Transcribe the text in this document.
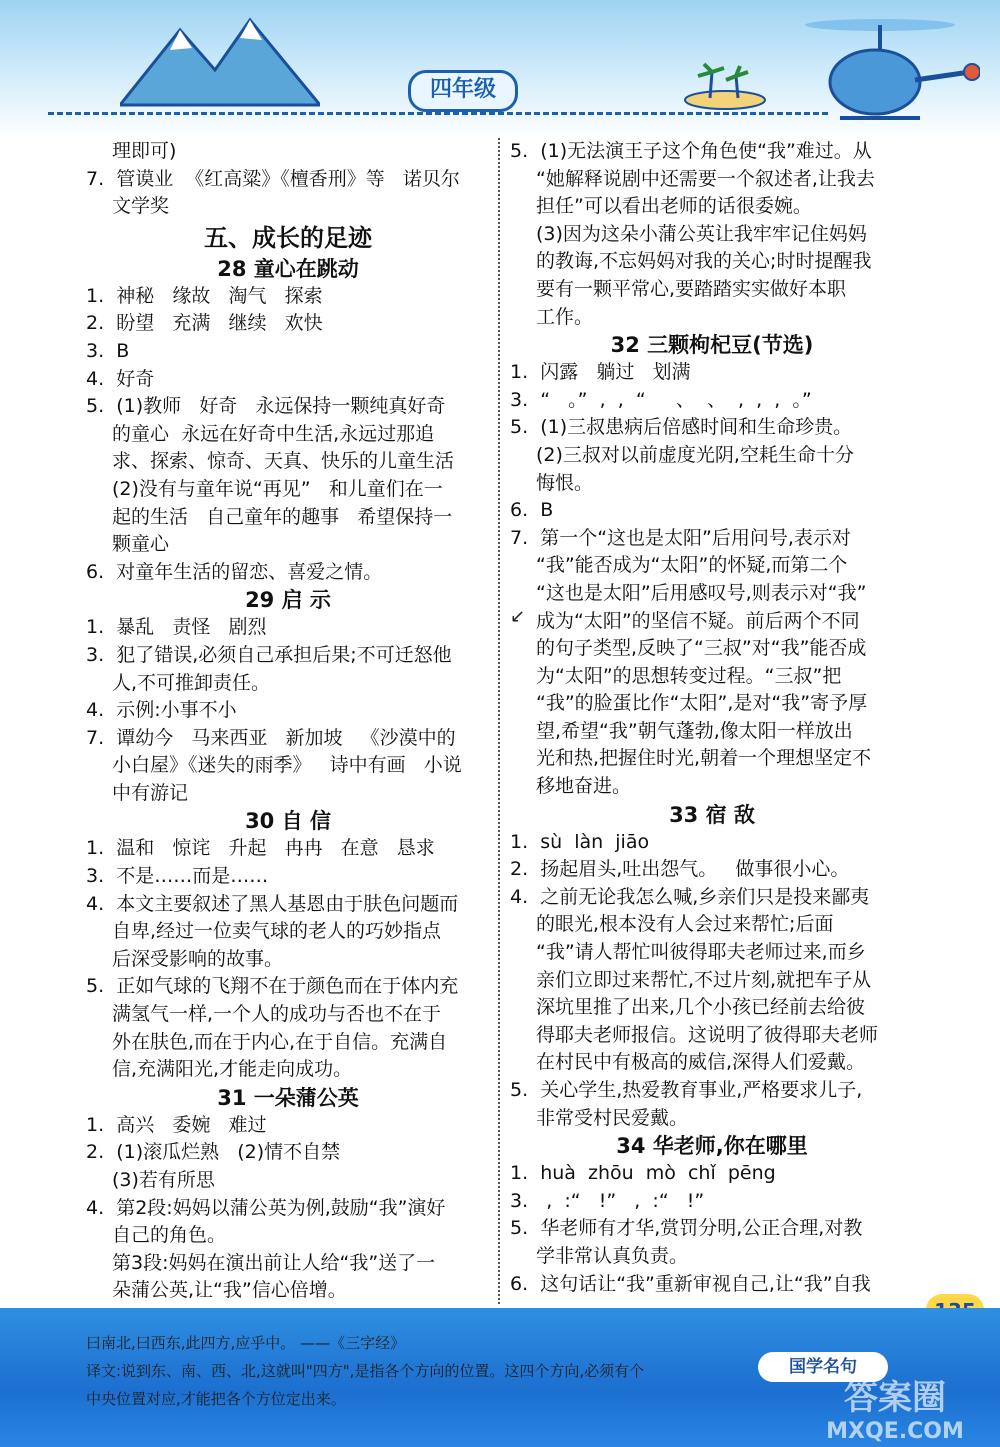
四年级
理即可)
7.  管谟业  《红高粱》《檀香刑》等   诺贝尔
文学奖
五、成长的足迹
28 童心在跳动
1.  神秘   缘故   淘气   探索
2.  盼望   充满   继续   欢快
3.  B
4.  好奇
5.  (1)教师   好奇   永远保持一颗纯真好奇
的童心  永远在好奇中生活,永远过那追
求、探索、惊奇、天真、快乐的儿童生活
(2)没有与童年说“再见”   和儿童们在一
起的生活   自己童年的趣事   希望保持一
颗童心
6.  对童年生活的留恋、喜爱之情。
29 启 示
1.  暴乱   责怪   剧烈
3.  犯了错误,必须自己承担后果;不可迁怒他
人,不可推卸责任。
4.  示例:小事不小
7.  谭幼今   马来西亚   新加坡   《沙漠中的
小白屋》《迷失的雨季》   诗中有画   小说
中有游记
30 自 信
1.  温和   惊诧   升起   冉冉   在意   恳求
3.  不是……而是……
4.  本文主要叙述了黑人基恩由于肤色问题而
自卑,经过一位卖气球的老人的巧妙指点
后深受影响的故事。
5.  正如气球的飞翔不在于颜色而在于体内充
满氢气一样,一个人的成功与否也不在于
外在肤色,而在于内心,在于自信。充满自
信,充满阳光,才能走向成功。
31 一朵蒲公英
1.  高兴   委婉   难过
2.  (1)滚瓜烂熟   (2)情不自禁
(3)若有所思
4.  第2段:妈妈以蒲公英为例,鼓励“我”演好
自己的角色。
第3段:妈妈在演出前让人给“我”送了一
朵蒲公英,让“我”信心倍增。
5.  (1)无法演王子这个角色使“我”难过。从
“她解释说剧中还需要一个叙述者,让我去
担任”可以看出老师的话很委婉。
(3)因为这朵小蒲公英让我牢牢记住妈妈
的教诲,不忘妈妈对我的关心;时时提醒我
要有一颗平常心,要踏踏实实做好本职
工作。
32 三颗枸杞豆(节选)
1.  闪露   躺过   划满
3.  “   。”  ,  ,  “     、  、  ,  ,  ,  。”
5.  (1)三叔患病后倍感时间和生命珍贵。
(2)三叔对以前虚度光阴,空耗生命十分
悔恨。
6.  B
7.  第一个“这也是太阳”后用问号,表示对
“我”能否成为“太阳”的怀疑,而第二个
“这也是太阳”后用感叹号,则表示对“我”
成为“太阳”的坚信不疑。前后两个不同
的句子类型,反映了“三叔”对“我”能否成
为“太阳”的思想转变过程。“三叔”把
“我”的脸蛋比作“太阳”,是对“我”寄予厚
望,希望“我”朝气蓬勃,像太阳一样放出
光和热,把握住时光,朝着一个理想坚定不
移地奋进。
33 宿 敌
1.  sù  làn  jiāo
2.  扬起眉头,吐出怨气。   做事很小心。
4.  之前无论我怎么喊,乡亲们只是投来鄙夷
的眼光,根本没有人会过来帮忙;后面
“我”请人帮忙叫彼得耶夫老师过来,而乡
亲们立即过来帮忙,不过片刻,就把车子从
深坑里推了出来,几个小孩已经前去给彼
得耶夫老师报信。这说明了彼得耶夫老师
在村民中有极高的威信,深得人们爱戴。
5.  关心学生,热爱教育事业,严格要求儿子,
非常受村民爱戴。
34 华老师,你在哪里
1.  huà  zhōu  mò  chǐ  pēng
3.   ,  :“   !”   ,  :“   !”
5.  华老师有才华,赏罚分明,公正合理,对教
学非常认真负责。
6.  这句话让“我”重新审视自己,让“我”自我
↙
曰南北,曰西东,此四方,应乎中。 ——《三字经》
译文:说到东、南、西、北,这就叫"四方",是指各个方向的位置。这四个方向,必须有个
中央位置对应,才能把各个方位定出来。
国学名句
答案圈
MXQE.COM
